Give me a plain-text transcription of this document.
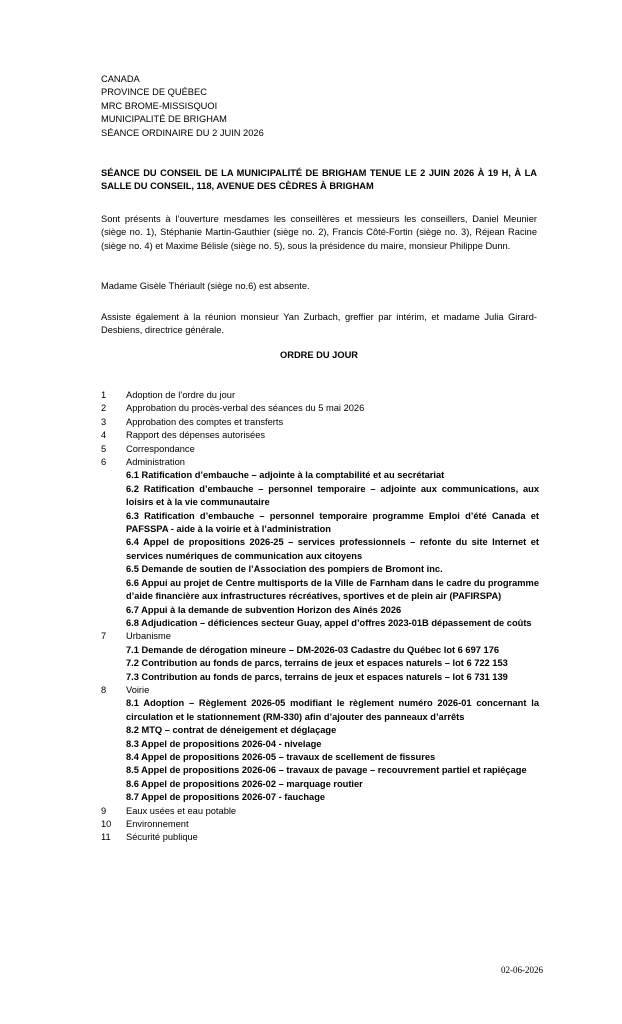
CANADA
PROVINCE DE QUÉBEC
MRC BROME-MISSISQUOI
MUNICIPALITÉ DE BRIGHAM
SÉANCE ORDINAIRE DU 2 JUIN 2026
SÉANCE DU CONSEIL DE LA MUNICIPALITÉ DE BRIGHAM TENUE LE 2 JUIN 2026 À 19 H, À LA SALLE DU CONSEIL, 118, AVENUE DES CÈDRES À BRIGHAM
Sont présents à l’ouverture mesdames les conseillères et messieurs les conseillers, Daniel Meunier (siège no. 1), Stéphanie Martin-Gauthier (siège no. 2), Francis Côté-Fortin (siège no. 3), Réjean Racine (siège no. 4) et Maxime Bélisle (siège no. 5), sous la présidence du maire, monsieur Philippe Dunn.
Madame Gisèle Thériault (siège no.6) est absente.
Assiste également à la réunion monsieur Yan Zurbach, greffier par intérim, et madame Julia Girard-Desbiens, directrice générale.
ORDRE DU JOUR
1	Adoption de l’ordre du jour
2	Approbation du procès-verbal des séances du 5 mai 2026
3	Approbation des comptes et transferts
4	Rapport des dépenses autorisées
5	Correspondance
6	Administration
6.1 Ratification d’embauche – adjointe à la comptabilité et au secrétariat
6.2 Ratification d’embauche – personnel temporaire – adjointe aux communications, aux loisirs et à la vie communautaire
6.3 Ratification d’embauche – personnel temporaire programme Emploi d’été Canada et PAFSSPA - aide à la voirie et à l’administration
6.4 Appel de propositions 2026-25 – services professionnels – refonte du site Internet et services numériques de communication aux citoyens
6.5 Demande de soutien de l’Association des pompiers de Bromont inc.
6.6 Appui au projet de Centre multisports de la Ville de Farnham dans le cadre du programme d’aide financière aux infrastructures récréatives, sportives et de plein air (PAFIRSPA)
6.7 Appui à la demande de subvention Horizon des Aînés 2026
6.8 Adjudication – déficiences secteur Guay, appel d’offres 2023-01B dépassement de coûts
7	Urbanisme
7.1 Demande de dérogation mineure – DM-2026-03 Cadastre du Québec lot 6 697 176
7.2 Contribution au fonds de parcs, terrains de jeux et espaces naturels – lot 6 722 153
7.3 Contribution au fonds de parcs, terrains de jeux et espaces naturels – lot 6 731 139
8	Voirie
8.1 Adoption – Règlement 2026-05 modifiant le règlement numéro 2026-01 concernant la circulation et le stationnement (RM-330) afin d’ajouter des panneaux d’arrêts
8.2 MTQ – contrat de déneigement et déglaçage
8.3 Appel de propositions 2026-04 - nivelage
8.4 Appel de propositions 2026-05 – travaux de scellement de fissures
8.5 Appel de propositions 2026-06 – travaux de pavage – recouvrement partiel et rapiéçage
8.6 Appel de propositions 2026-02 – marquage routier
8.7 Appel de propositions 2026-07 - fauchage
9	Eaux usées et eau potable
10	Environnement
11	Sécurité publique
02-06-2026
